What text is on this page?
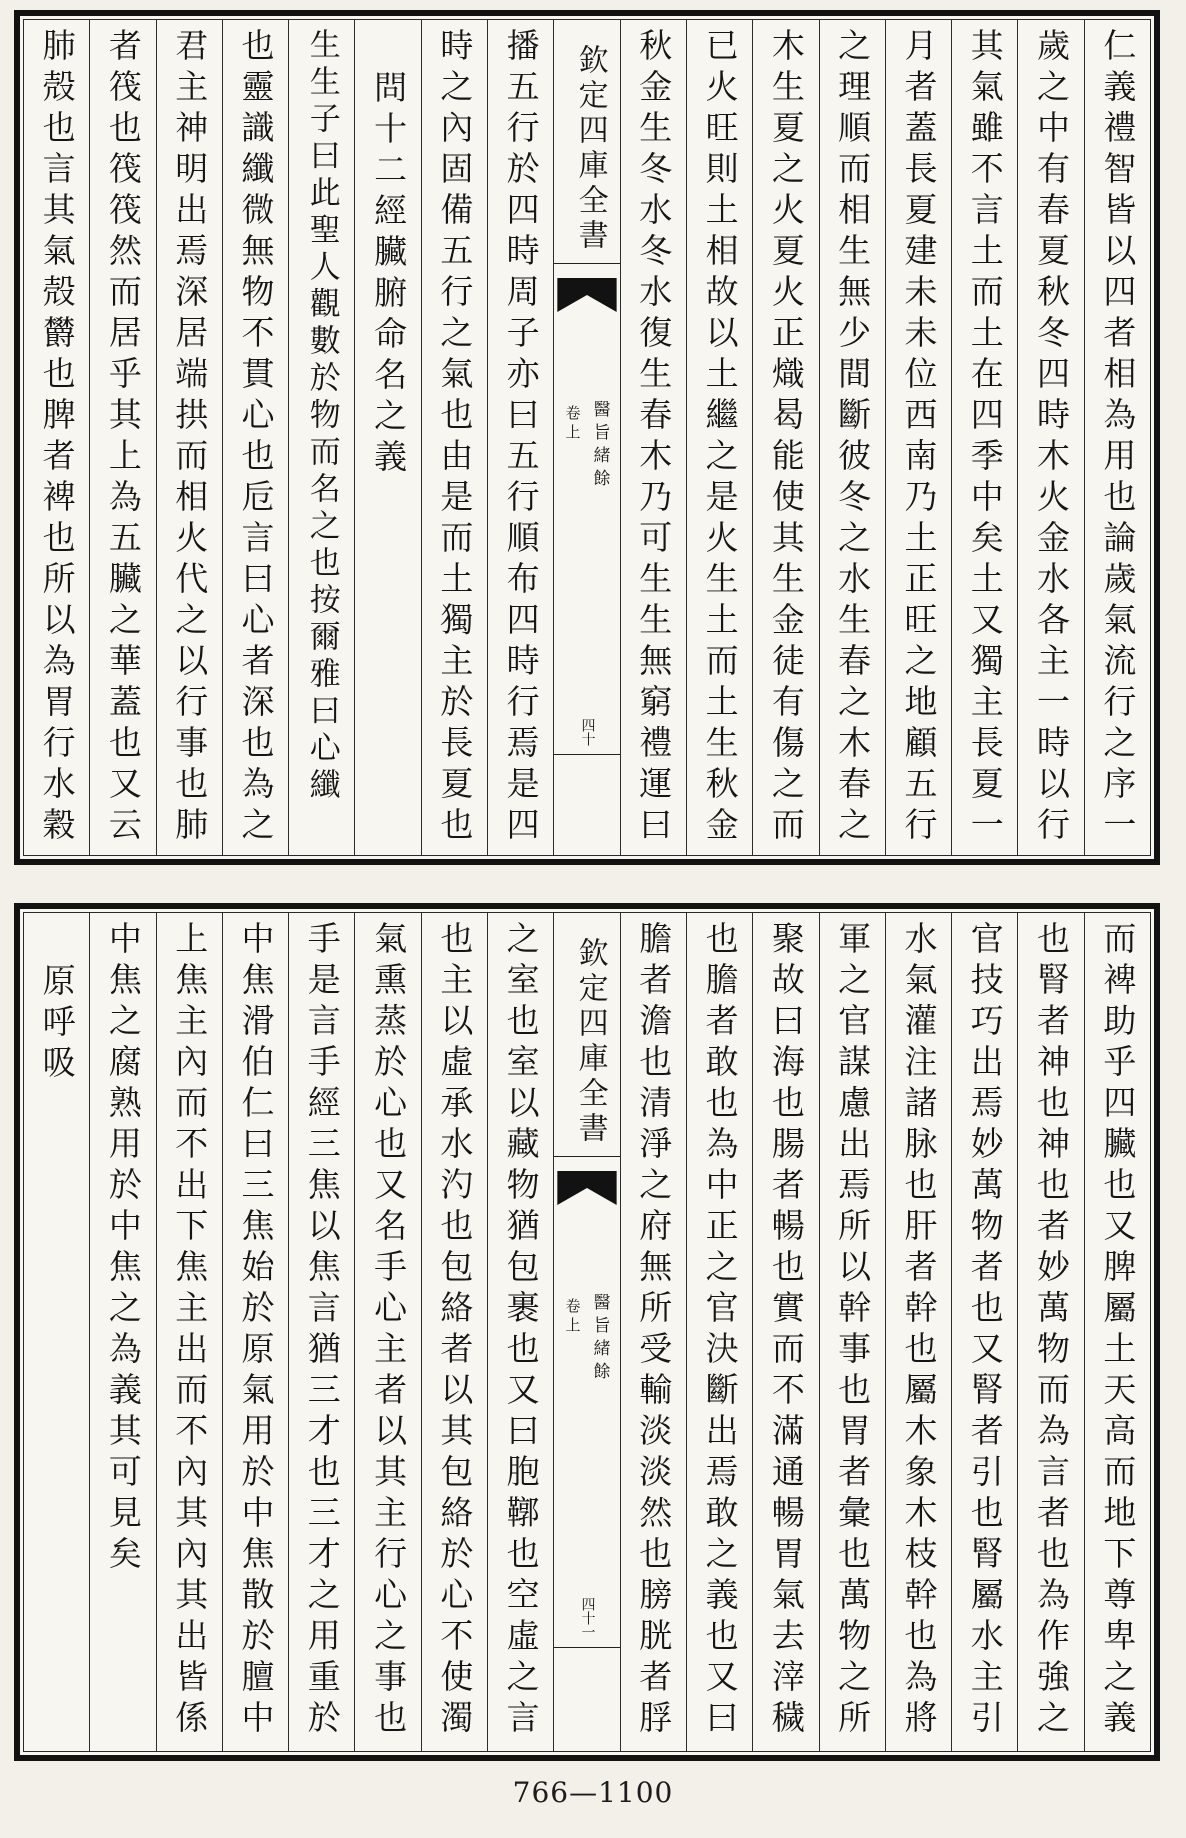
仁義禮智皆以四者相為用也論歲氣流行之序一
歲之中有春夏秋冬四時木火金水各主一時以行
其氣雖不言土而土在四季中矣土又獨主長夏一
月者蓋長夏建未未位西南乃土正旺之地顧五行
之理順而相生無少間斷彼冬之水生春之木春之
木生夏之火夏火正熾曷能使其生金徒有傷之而
已火旺則土相故以土繼之是火生土而土生秋金
秋金生冬水冬水復生春木乃可生生無窮禮運曰
欽定四庫全書
醫旨緒餘
卷上
四十
播五行於四時周子亦曰五行順布四時行焉是四
時之內固備五行之氣也由是而土獨主於長夏也
問十二經臟腑命名之義
生生子曰此聖人觀數於物而名之也按爾雅曰心纖
也靈識纖微無物不貫心也卮言曰心者深也為之
君主神明出焉深居端拱而相火代之以行事也肺
者筏也筏筏然而居乎其上為五臟之華蓋也又云
肺殻也言其氣殻欝也脾者裨也所以為胃行水穀
而裨助乎四臟也又脾屬土天高而地下尊卑之義
也腎者神也神也者妙萬物而為言者也為作強之
官技巧出焉妙萬物者也又腎者引也腎屬水主引
水氣灌注諸脉也肝者幹也屬木象木枝幹也為將
軍之官謀慮出焉所以幹事也胃者彙也萬物之所
聚故曰海也腸者暢也實而不滿通暢胃氣去滓穢
也膽者敢也為中正之官決斷出焉敢之義也又曰
膽者澹也清淨之府無所受輸淡淡然也膀胱者脬
欽定四庫全書
醫旨緒餘
卷上
四十一
之室也室以藏物猶包裹也又曰胞鞹也空虛之言
也主以虛承水汋也包絡者以其包絡於心不使濁
氣熏蒸於心也又名手心主者以其主行心之事也
手是言手經三焦以焦言猶三才也三才之用重於
中焦滑伯仁曰三焦始於原氣用於中焦散於膻中
上焦主內而不出下焦主出而不內其內其出皆係
中焦之腐熟用於中焦之為義其可見矣
原呼吸
766—1100
